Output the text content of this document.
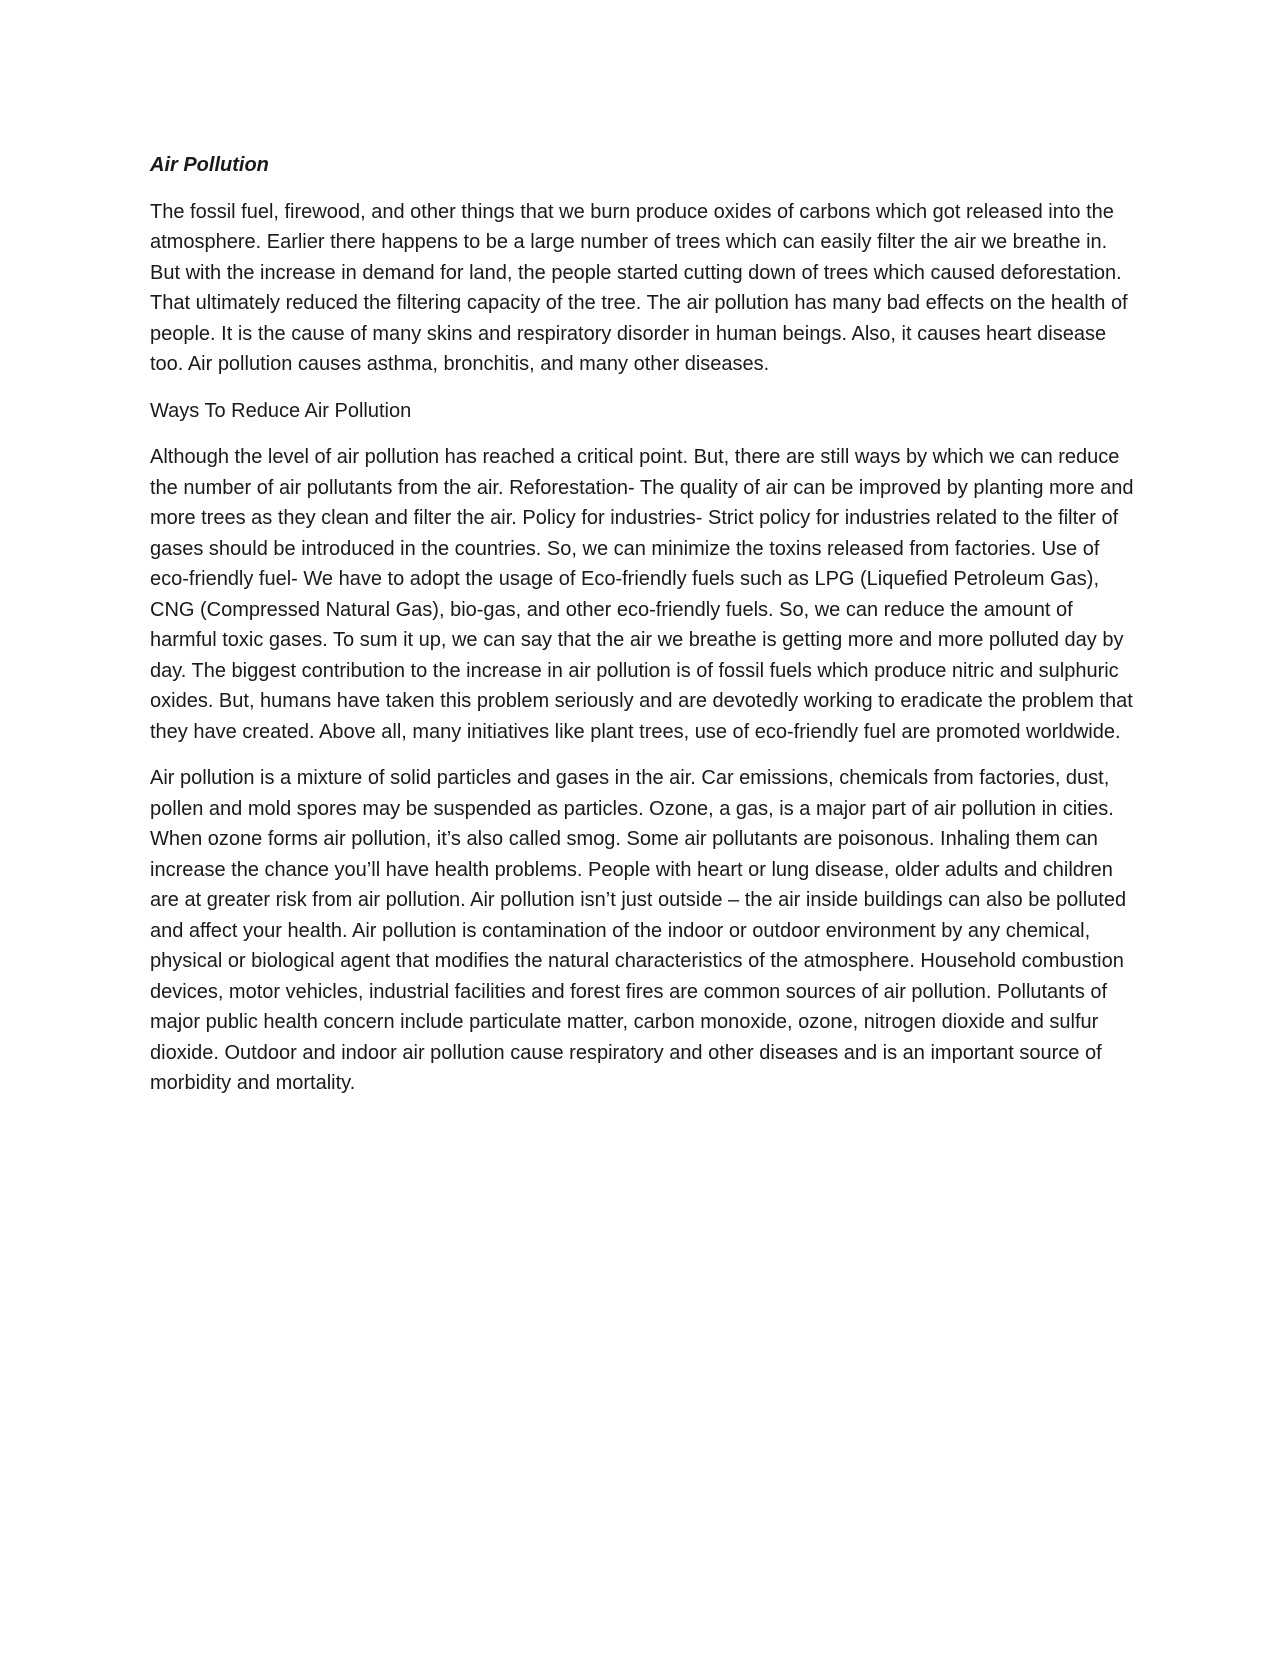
Air Pollution

The fossil fuel, firewood, and other things that we burn produce oxides of carbons which got released into the atmosphere. Earlier there happens to be a large number of trees which can easily filter the air we breathe in. But with the increase in demand for land, the people started cutting down of trees which caused deforestation. That ultimately reduced the filtering capacity of the tree. The air pollution has many bad effects on the health of people. It is the cause of many skins and respiratory disorder in human beings. Also, it causes heart disease too. Air pollution causes asthma, bronchitis, and many other diseases.

Ways To Reduce Air Pollution

Although the level of air pollution has reached a critical point. But, there are still ways by which we can reduce the number of air pollutants from the air. Reforestation- The quality of air can be improved by planting more and more trees as they clean and filter the air. Policy for industries- Strict policy for industries related to the filter of gases should be introduced in the countries. So, we can minimize the toxins released from factories. Use of eco-friendly fuel- We have to adopt the usage of Eco-friendly fuels such as LPG (Liquefied Petroleum Gas), CNG (Compressed Natural Gas), bio-gas, and other eco-friendly fuels. So, we can reduce the amount of harmful toxic gases. To sum it up, we can say that the air we breathe is getting more and more polluted day by day. The biggest contribution to the increase in air pollution is of fossil fuels which produce nitric and sulphuric oxides. But, humans have taken this problem seriously and are devotedly working to eradicate the problem that they have created. Above all, many initiatives like plant trees, use of eco-friendly fuel are promoted worldwide.

Air pollution is a mixture of solid particles and gases in the air. Car emissions, chemicals from factories, dust, pollen and mold spores may be suspended as particles. Ozone, a gas, is a major part of air pollution in cities. When ozone forms air pollution, it’s also called smog. Some air pollutants are poisonous. Inhaling them can increase the chance you’ll have health problems. People with heart or lung disease, older adults and children are at greater risk from air pollution. Air pollution isn’t just outside – the air inside buildings can also be polluted and affect your health. Air pollution is contamination of the indoor or outdoor environment by any chemical, physical or biological agent that modifies the natural characteristics of the atmosphere. Household combustion devices, motor vehicles, industrial facilities and forest fires are common sources of air pollution. Pollutants of major public health concern include particulate matter, carbon monoxide, ozone, nitrogen dioxide and sulfur dioxide. Outdoor and indoor air pollution cause respiratory and other diseases and is an important source of morbidity and mortality.
